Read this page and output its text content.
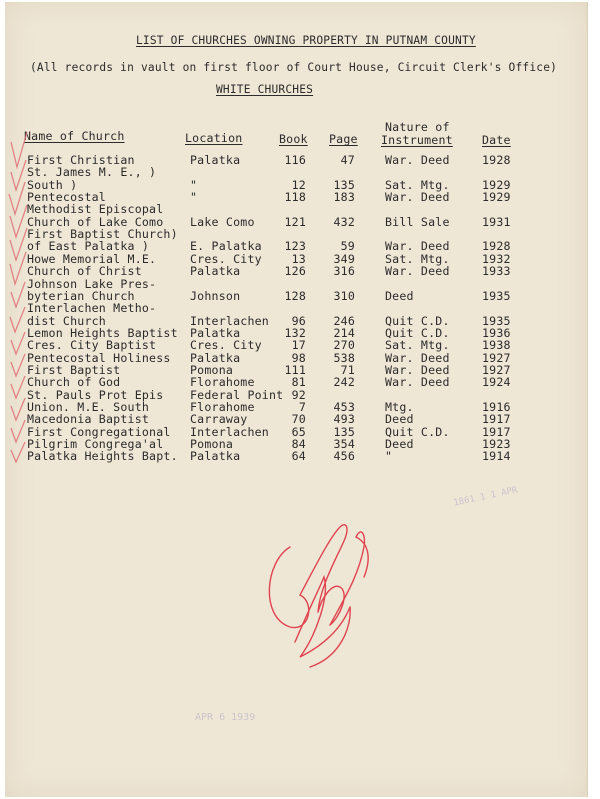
LIST OF CHURCHES OWNING PROPERTY IN PUTNAM COUNTY
(All records in vault on first floor of Court House, Circuit Clerk's Office)
WHITE CHURCHES
Name of Church	Location	Book Page
Nature of
Instrument	Date
First Christian	Palatka	116	47	War. Deed	1928
St. James M. E., )
South )	"	12 135	Sat. Mtg.	1929
Pentecostal	"	118 183	War. Deed	1929
Methodist Episcopal
Church of Lake Como Lake Como	121 432	Bill Sale	1931
First Baptist Church)
of East Palatka )	E. Palatka 123	59	War. Deed	1928
Howe Memorial M.E.	Cres. City	13 349	Sat. Mtg.	1932
Church of Christ	Palatka	126 316	War. Deed	1933
Johnson Lake Pres-
byterian Church	Johnson	128 310	Deed	1935
Interlachen Metho-
dist Church	Interlachen	96 246	Quit C.D.	1935
Lemon Heights Baptist Palatka	132 214	Quit C.D.	1936
Cres. City Baptist	Cres. City	17 270	Sat. Mtg.	1938
Pentecostal Holiness Palatka	98 538	War. Deed	1927
First Baptist	Pomona	111	71	War. Deed	1927
Church of God	Florahome	81 242	War. Deed	1924
St. Pauls Prot Epis Federal Point 92
Union. M.E. South	Florahome	7 453	Mtg.	1916
Macedonia Baptist	Carraway	70 493	Deed	1917
First Congregational Interlachen	65 135	Quit C.D.	1917
Pilgrim Congrega'al Pomona	84 354	Deed	1923
Palatka Heights Bapt. Palatka	64 456	"	1914
1861 1 1 APR
APR 6 1939
